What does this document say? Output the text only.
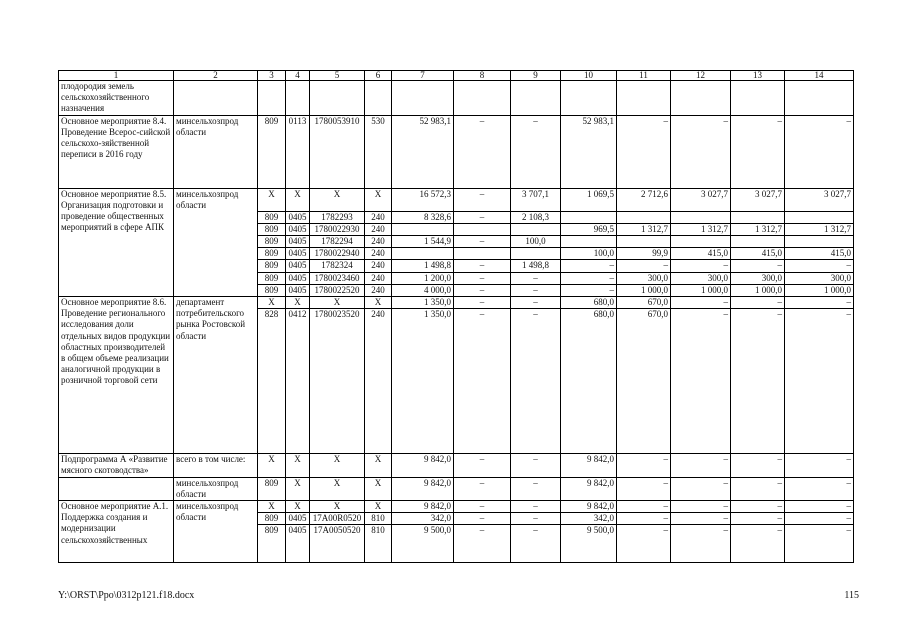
1	2	3	4	5	6	7	8	9	10	11	12	13	14
плодородия земель сельскохозяйственного назначения													
Основное мероприятие 8.4. Проведение Всерос-сийской сельскохо-зяйственной переписи в 2016 году	минсельхозпрод области	809	0113	1780053910	530	52 983,1	–	–	52 983,1	–	–	–	–
Основное мероприятие 8.5. Организация подготовки и проведение общественных мероприятий в сфере АПК	минсельхозпрод области	Х	Х	Х	Х	16 572,3	–	3 707,1	1 069,5	2 712,6	3 027,7	3 027,7	3 027,7
		809	0405	1782293	240	8 328,6	–	2 108,3					
		809	0405	1780022930	240				969,5	1 312,7	1 312,7	1 312,7	1 312,7
		809	0405	1782294	240	1 544,9	–	100,0					
		809	0405	1780022940	240				100,0	99,9	415,0	415,0	415,0
		809	0405	1782324	240	1 498,8	–	1 498,8	–	–	–	–	–
		809	0405	1780023460	240	1 200,0	–	–	–	300,0	300,0	300,0	300,0
		809	0405	1780022520	240	4 000,0	–	–	–	1 000,0	1 000,0	1 000,0	1 000,0
Основное мероприятие 8.6. Проведение регионального исследования доли отдельных видов продукции областных производителей в общем объеме реализации аналогичной продукции в розничной торговой сети	департамент потребительского рынка Ростовской области	Х	Х	Х	Х	1 350,0	–	–	680,0	670,0	–	–	–
		828	0412	1780023520	240	1 350,0	–	–	680,0	670,0	–	–	–
Подпрограмма А «Развитие мясного скотоводства»	всего в том числе:	Х	Х	Х	Х	9 842,0	–	–	9 842,0	–	–	–	–
	минсельхозпрод области	809	Х	Х	Х	9 842,0	–	–	9 842,0	–	–	–	–
Основное мероприятие А.1. Поддержка создания и модернизации сельскохозяйственных	минсельхозпрод области	Х	Х	Х	Х	9 842,0	–	–	9 842,0	–	–	–	–
		809	0405	17А00R0520	810	342,0	–	–	342,0	–	–	–	–
		809	0405	17А0050520	810	9 500,0	–	–	9 500,0	–	–	–	–
Y:\ORST\Ppo\0312p121.f18.docx	115
